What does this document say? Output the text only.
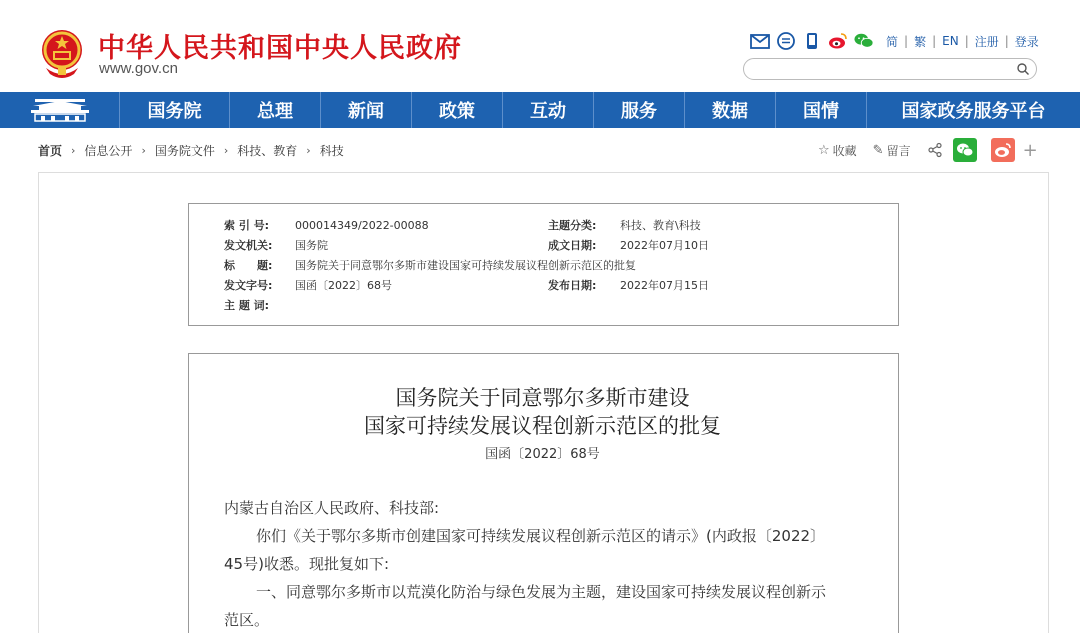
中华人民共和国中央人民政府
www.gov.cn
简 | 繁 | EN | 注册 | 登录
国务院	总理	新闻	政策	互动	服务	数据	国情	国家政务服务平台
首页 › 信息公开 › 国务院文件 › 科技、教育 › 科技	☆ 收藏 ✎ 留言	+
索 引 号: 000014349/2022-00088	主题分类: 科技、教育\科技
发文机关: 国务院	成文日期: 2022年07月10日
标　　题: 国务院关于同意鄂尔多斯市建设国家可持续发展议程创新示范区的批复
发文字号: 国函〔2022〕68号	发布日期: 2022年07月15日
主 题 词:
国务院关于同意鄂尔多斯市建设
国家可持续发展议程创新示范区的批复
国函〔2022〕68号
内蒙古自治区人民政府、科技部:
你们《关于鄂尔多斯市创建国家可持续发展议程创新示范区的请示》(内政报〔2022〕
45号)收悉。现批复如下:
一、同意鄂尔多斯市以荒漠化防治与绿色发展为主题，建设国家可持续发展议程创新示
范区。
